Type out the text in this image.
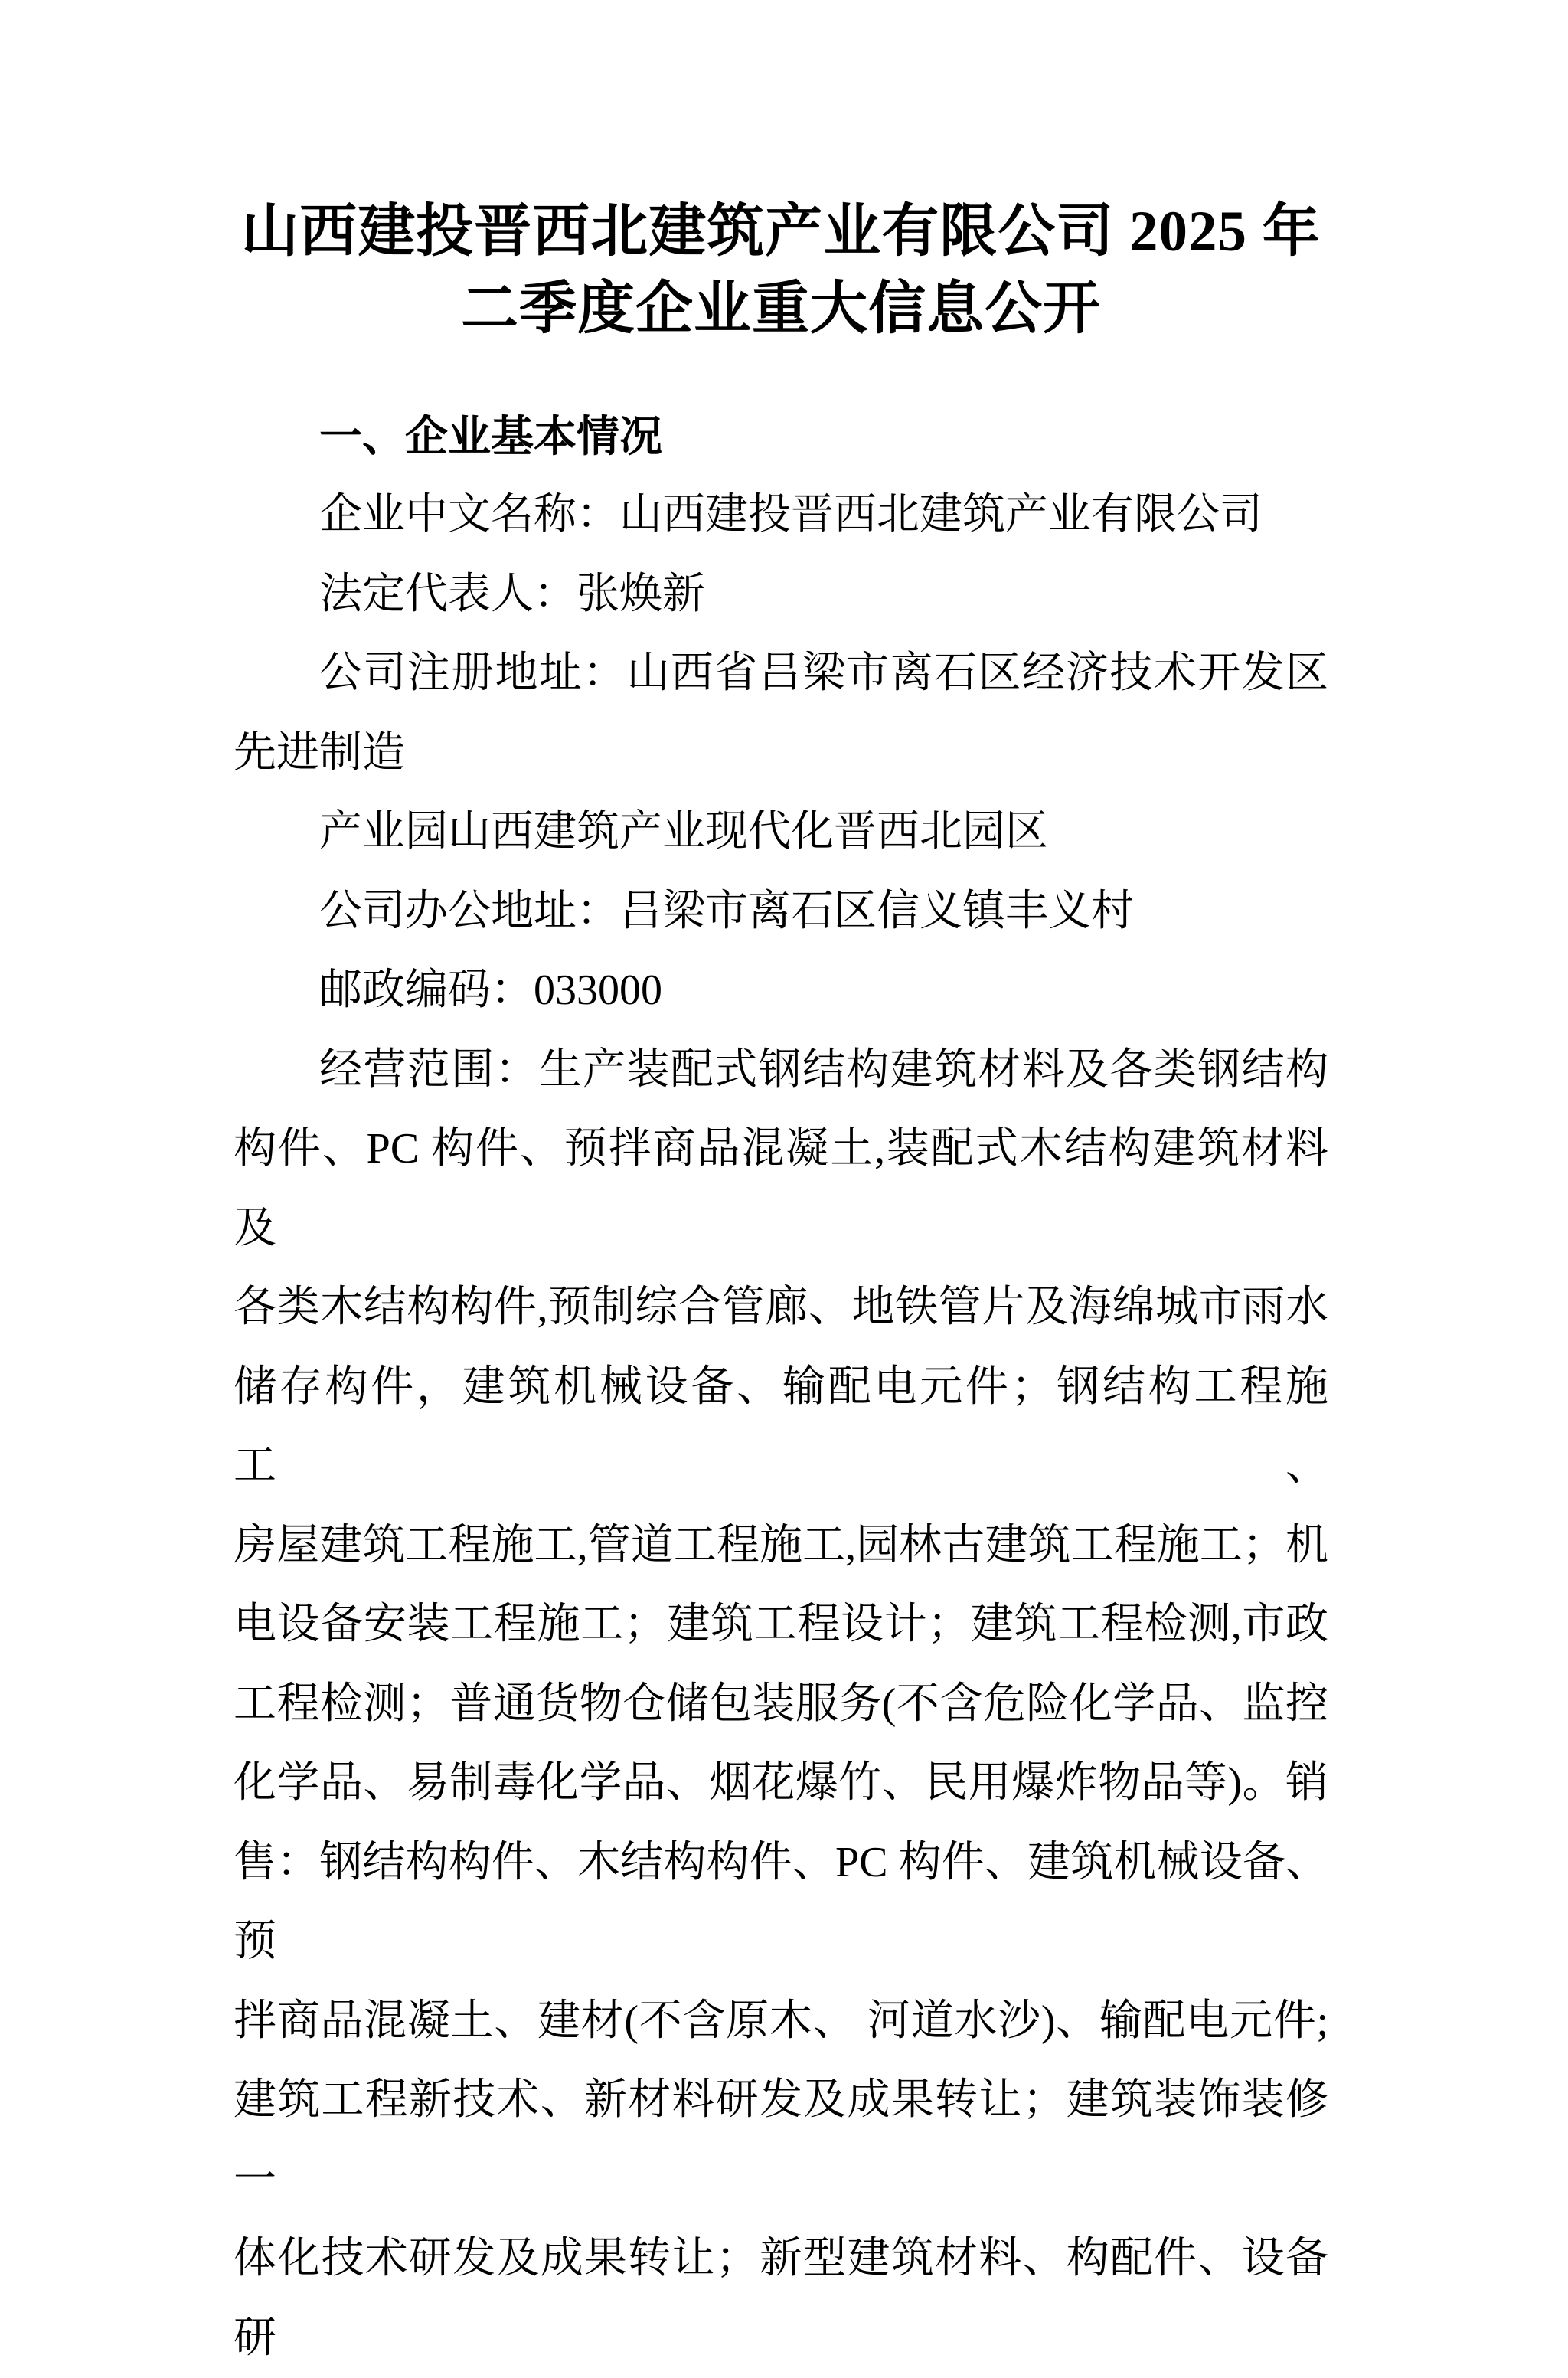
山西建投晋西北建筑产业有限公司 2025 年
二季度企业重大信息公开
一、企业基本情况
企业中文名称：山西建投晋西北建筑产业有限公司
法定代表人：张焕新
公司注册地址：山西省吕梁市离石区经济技术开发区
先进制造
产业园山西建筑产业现代化晋西北园区
公司办公地址：吕梁市离石区信义镇丰义村
邮政编码：033000
经营范围：生产装配式钢结构建筑材料及各类钢结构
构件、PC 构件、预拌商品混凝土,装配式木结构建筑材料及
各类木结构构件,预制综合管廊、地铁管片及海绵城市雨水
储存构件，建筑机械设备、输配电元件；钢结构工程施工、
房屋建筑工程施工,管道工程施工,园林古建筑工程施工；机
电设备安装工程施工；建筑工程设计；建筑工程检测,市政
工程检测；普通货物仓储包装服务(不含危险化学品、监控
化学品、易制毒化学品、烟花爆竹、民用爆炸物品等)。销
售：钢结构构件、木结构构件、PC 构件、建筑机械设备、预
拌商品混凝土、建材(不含原木、 河道水沙)、输配电元件;
建筑工程新技术、新材料研发及成果转让；建筑装饰装修一
体化技术研发及成果转让；新型建筑材料、构配件、设备研
